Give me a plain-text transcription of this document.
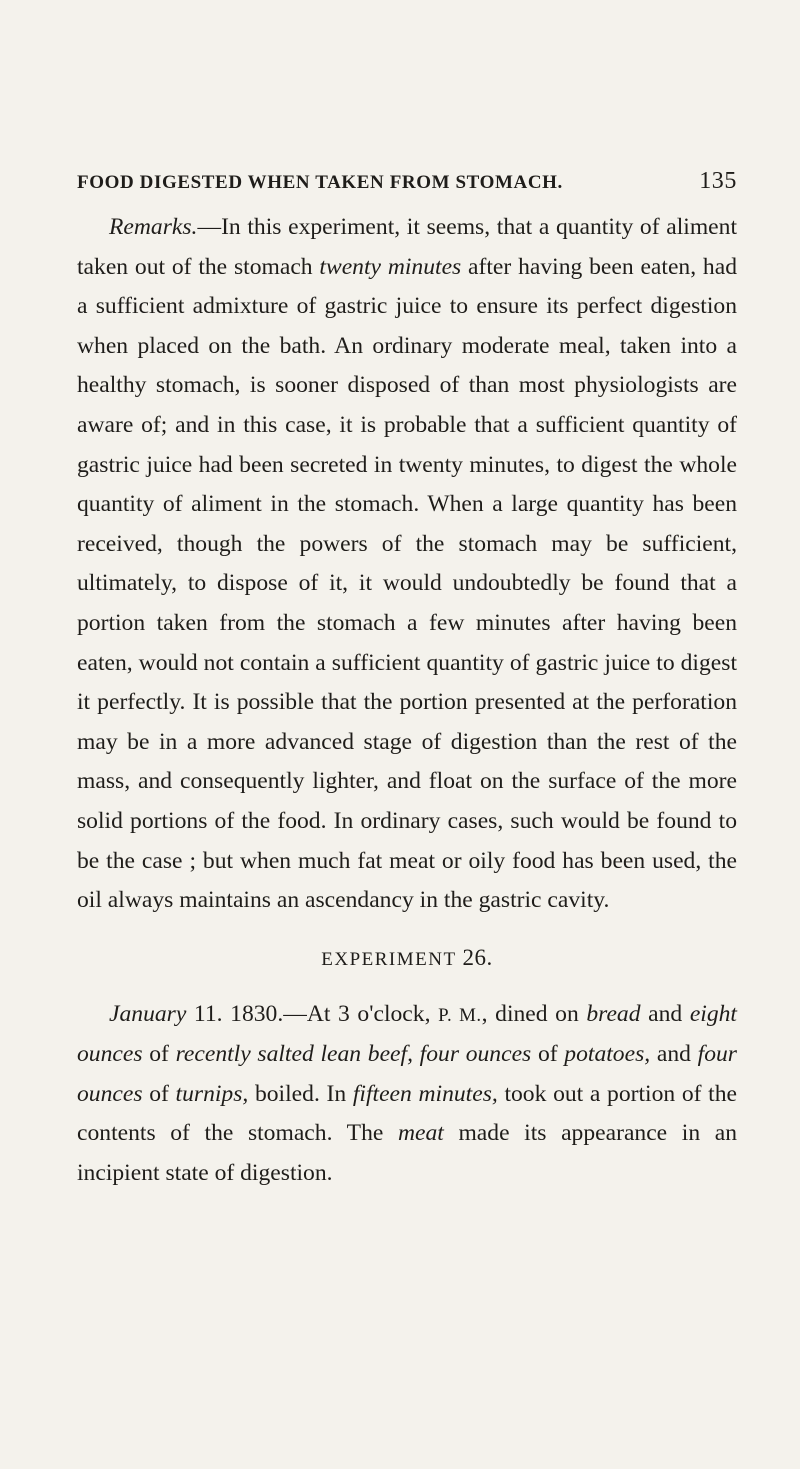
FOOD DIGESTED WHEN TAKEN FROM STOMACH.	135

Remarks.—In this experiment, it seems, that a quantity of aliment taken out of the stomach twenty minutes after having been eaten, had a sufficient admixture of gastric juice to ensure its perfect digestion when placed on the bath. An ordinary moderate meal, taken into a healthy stomach, is sooner disposed of than most physiologists are aware of; and in this case, it is probable that a sufficient quantity of gastric juice had been secreted in twenty minutes, to digest the whole quantity of aliment in the stomach. When a large quantity has been received, though the powers of the stomach may be sufficient, ultimately, to dispose of it, it would undoubtedly be found that a portion taken from the stomach a few minutes after having been eaten, would not contain a sufficient quantity of gastric juice to digest it perfectly. It is possible that the portion presented at the perforation may be in a more advanced stage of digestion than the rest of the mass, and consequently lighter, and float on the surface of the more solid portions of the food. In ordinary cases, such would be found to be the case ; but when much fat meat or oily food has been used, the oil always maintains an ascendancy in the gastric cavity.

EXPERIMENT 26.

January 11. 1830.—At 3 o'clock, P. M., dined on bread and eight ounces of recently salted lean beef, four ounces of potatoes, and four ounces of turnips, boiled. In fifteen minutes, took out a portion of the contents of the stomach. The meat made its appearance in an incipient state of digestion.
